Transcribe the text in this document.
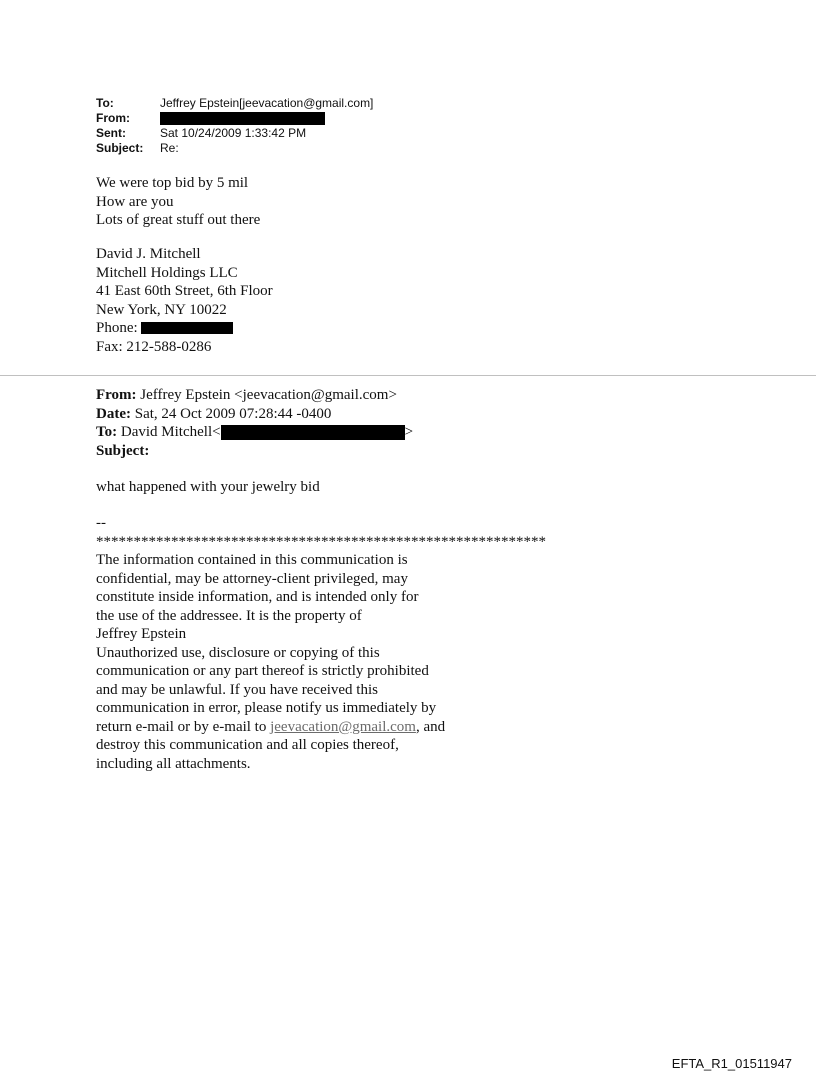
To:	Jeffrey Epstein[jeevacation@gmail.com]
From:
Sent:	Sat 10/24/2009 1:33:42 PM
Subject:	Re:
We were top bid by 5 mil
How are you
Lots of great stuff out there
David J. Mitchell
Mitchell Holdings LLC
41 East 60th Street, 6th Floor
New York, NY 10022
Phone:
Fax: 212-588-0286
From: Jeffrey Epstein <jeevacation@gmail.com>
Date: Sat, 24 Oct 2009 07:28:44 -0400
To: David Mitchell<	>
Subject:
what happened with your jewelry bid
--
************************************************************
The information contained in this communication is
confidential, may be attorney-client privileged, may
constitute inside information, and is intended only for
the use of the addressee. It is the property of
Jeffrey Epstein
Unauthorized use, disclosure or copying of this
communication or any part thereof is strictly prohibited
and may be unlawful. If you have received this
communication in error, please notify us immediately by
return e-mail or by e-mail to jeevacation@gmail.com, and
destroy this communication and all copies thereof,
including all attachments.
EFTA_R1_01511947
